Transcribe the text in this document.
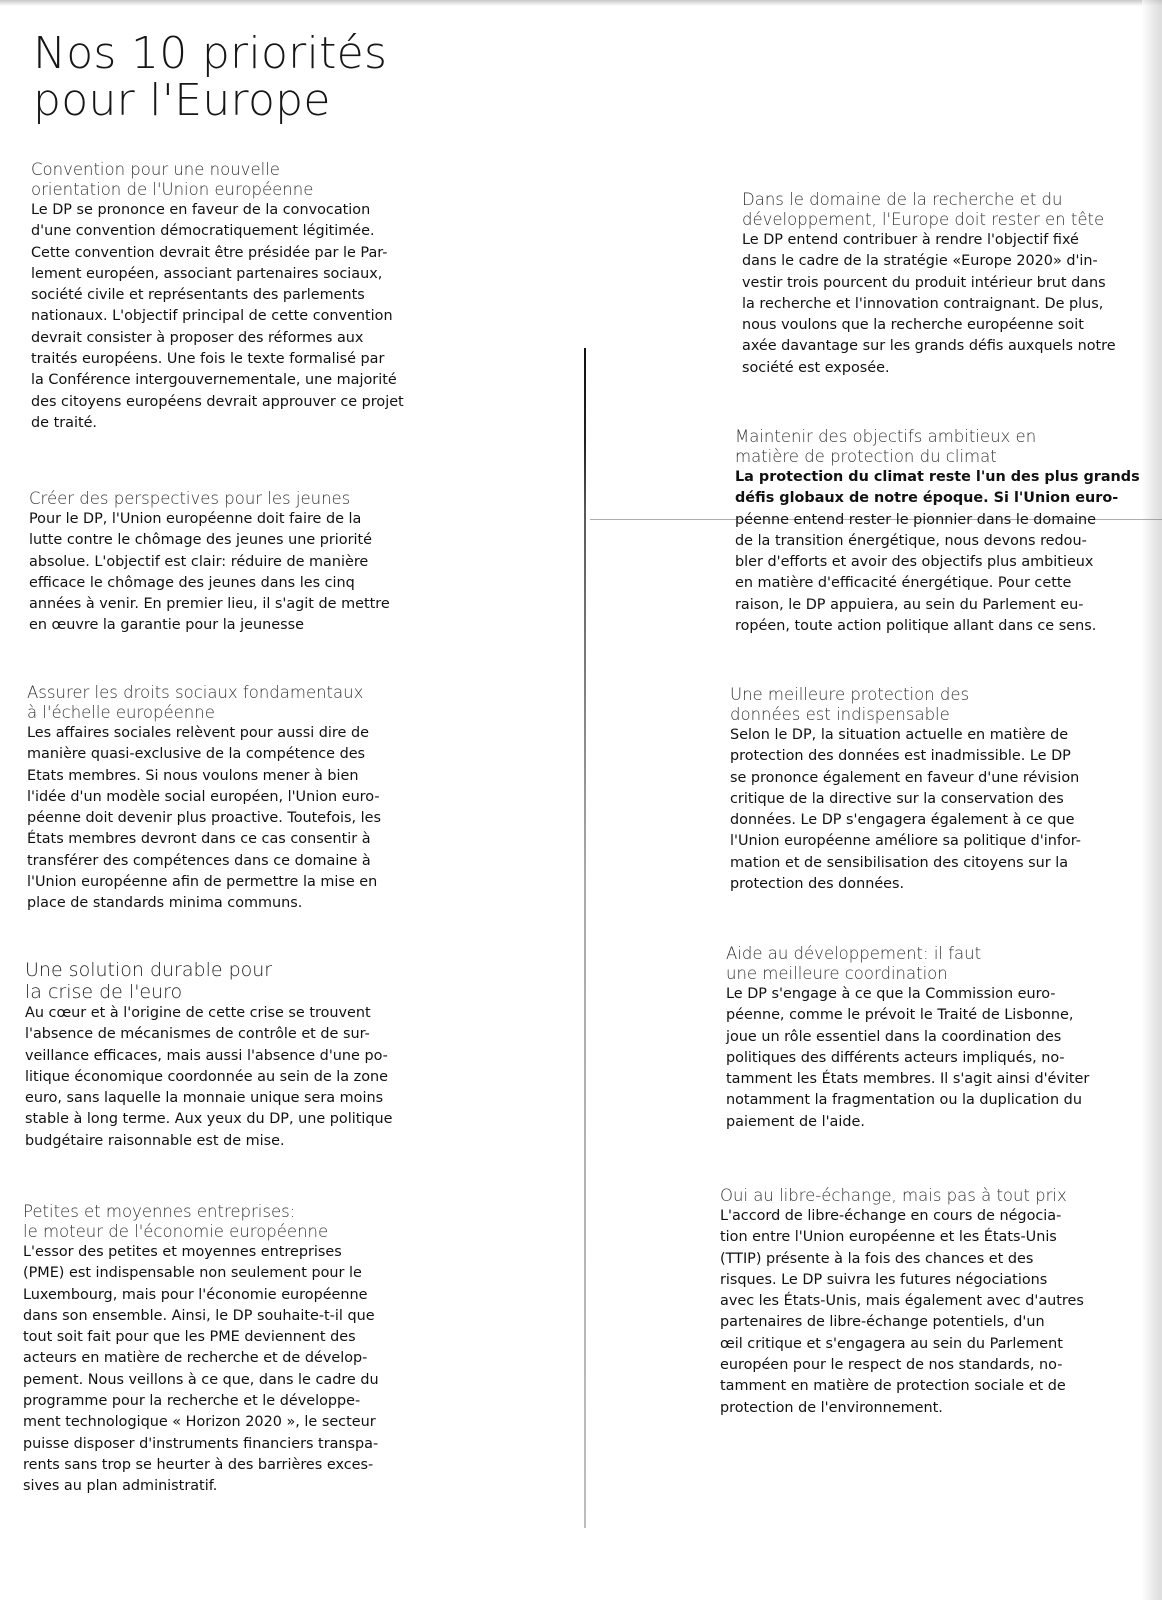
Nos 10 priorités
pour l'Europe
Convention pour une nouvelle
orientation de l'Union européenne

Le DP se prononce en faveur de la convocation
d'une convention démocratiquement légitimée.
Cette convention devrait être présidée par le Par-
lement européen, associant partenaires sociaux,
société civile et représentants des parlements
nationaux. L'objectif principal de cette convention
devrait consister à proposer des réformes aux
traités européens. Une fois le texte formalisé par
la Conférence intergouvernementale, une majorité
des citoyens européens devrait approuver ce projet
de traité.

Créer des perspectives pour les jeunes

Pour le DP, l'Union européenne doit faire de la
lutte contre le chômage des jeunes une priorité
absolue. L'objectif est clair: réduire de manière
efficace le chômage des jeunes dans les cinq
années à venir. En premier lieu, il s'agit de mettre
en œuvre la garantie pour la jeunesse

Assurer les droits sociaux fondamentaux
à l'échelle européenne

Les affaires sociales relèvent pour aussi dire de
manière quasi-exclusive de la compétence des
Etats membres. Si nous voulons mener à bien
l'idée d'un modèle social européen, l'Union euro-
péenne doit devenir plus proactive. Toutefois, les
États membres devront dans ce cas consentir à
transférer des compétences dans ce domaine à
l'Union européenne afin de permettre la mise en
place de standards minima communs.

Une solution durable pour
la crise de l'euro

Au cœur et à l'origine de cette crise se trouvent
l'absence de mécanismes de contrôle et de sur-
veillance efficaces, mais aussi l'absence d'une po-
litique économique coordonnée au sein de la zone
euro, sans laquelle la monnaie unique sera moins
stable à long terme. Aux yeux du DP, une politique
budgétaire raisonnable est de mise.

Petites et moyennes entreprises:
le moteur de l'économie européenne

L'essor des petites et moyennes entreprises
(PME) est indispensable non seulement pour le
Luxembourg, mais pour l'économie européenne
dans son ensemble. Ainsi, le DP souhaite-t-il que
tout soit fait pour que les PME deviennent des
acteurs en matière de recherche et de dévelop-
pement. Nous veillons à ce que, dans le cadre du
programme pour la recherche et le développe-
ment technologique « Horizon 2020 », le secteur
puisse disposer d'instruments financiers transpa-
rents sans trop se heurter à des barrières exces-
sives au plan administratif.

Dans le domaine de la recherche et du
développement, l'Europe doit rester en tête

Le DP entend contribuer à rendre l'objectif fixé
dans le cadre de la stratégie «Europe 2020» d'in-
vestir trois pourcent du produit intérieur brut dans
la recherche et l'innovation contraignant. De plus,
nous voulons que la recherche européenne soit
axée davantage sur les grands défis auxquels notre
société est exposée.

Maintenir des objectifs ambitieux en
matière de protection du climat

La protection du climat reste l'un des plus grands
défis globaux de notre époque. Si l'Union euro-
péenne entend rester le pionnier dans le domaine
de la transition énergétique, nous devons redou-
bler d'efforts et avoir des objectifs plus ambitieux
en matière d'efficacité énergétique. Pour cette
raison, le DP appuiera, au sein du Parlement eu-
ropéen, toute action politique allant dans ce sens.

Une meilleure protection des
données est indispensable

Selon le DP, la situation actuelle en matière de
protection des données est inadmissible. Le DP
se prononce également en faveur d'une révision
critique de la directive sur la conservation des
données. Le DP s'engagera également à ce que
l'Union européenne améliore sa politique d'infor-
mation et de sensibilisation des citoyens sur la
protection des données.

Aide au développement: il faut
une meilleure coordination

Le DP s'engage à ce que la Commission euro-
péenne, comme le prévoit le Traité de Lisbonne,
joue un rôle essentiel dans la coordination des
politiques des différents acteurs impliqués, no-
tamment les États membres. Il s'agit ainsi d'éviter
notamment la fragmentation ou la duplication du
paiement de l'aide.

Oui au libre-échange, mais pas à tout prix

L'accord de libre-échange en cours de négocia-
tion entre l'Union européenne et les États-Unis
(TTIP) présente à la fois des chances et des
risques. Le DP suivra les futures négociations
avec les États-Unis, mais également avec d'autres
partenaires de libre-échange potentiels, d'un
œil critique et s'engagera au sein du Parlement
européen pour le respect de nos standards, no-
tamment en matière de protection sociale et de
protection de l'environnement.
